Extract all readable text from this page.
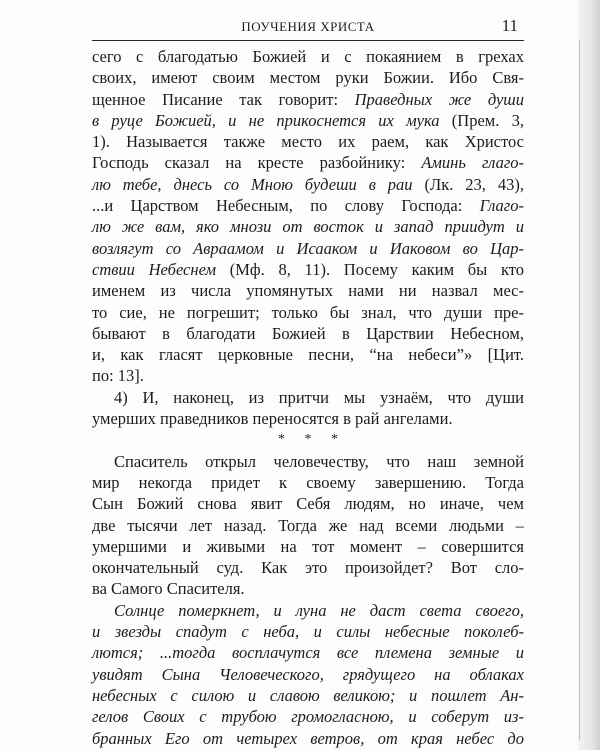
ПОУЧЕНИЯ ХРИСТА	11
сего с благодатью Божией и с покаянием в грехах
своих, имеют своим местом руки Божии. Ибо Свя-
щенное Писание так говорит: Праведных же души
в руце Божией, и не прикоснется их мука (Прем. 3,
1). Называется также место их раем, как Христос
Господь сказал на кресте разбойнику: Аминь глаго-
лю тебе, днесь со Мною будеши в раи (Лк. 23, 43),
...и Царством Небесным, по слову Господа: Глаго-
лю же вам, яко мнози от восток и запад приидут и
возлягут со Авраамом и Исааком и Иаковом во Цар-
ствии Небеснем (Мф. 8, 11). Посему каким бы кто
именем из числа упомянутых нами ни назвал мес-
то сие, не погрешит; только бы знал, что души пре-
бывают в благодати Божией в Царствии Небесном,
и, как гласят церковные песни, “на небеси”» [Цит.
по: 13].
4) И, наконец, из притчи мы узнаём, что души
умерших праведников переносятся в рай ангелами.
* * *
Спаситель открыл человечеству, что наш земной
мир некогда придет к своему завершению. Тогда
Сын Божий снова явит Себя людям, но иначе, чем
две тысячи лет назад. Тогда же над всеми людьми –
умершими и живыми на тот момент – совершится
окончательный суд. Как это произойдет? Вот сло-
ва Самого Спасителя.
Солнце померкнет, и луна не даст света своего,
и звезды спадут с неба, и силы небесные поколеб-
лются; ...тогда восплачутся все племена земные и
увидят Сына Человеческого, грядущего на облаках
небесных с силою и славою великою; и пошлет Ан-
гелов Своих с трубою громогласною, и соберут из-
бранных Его от четырех ветров, от края небес до
